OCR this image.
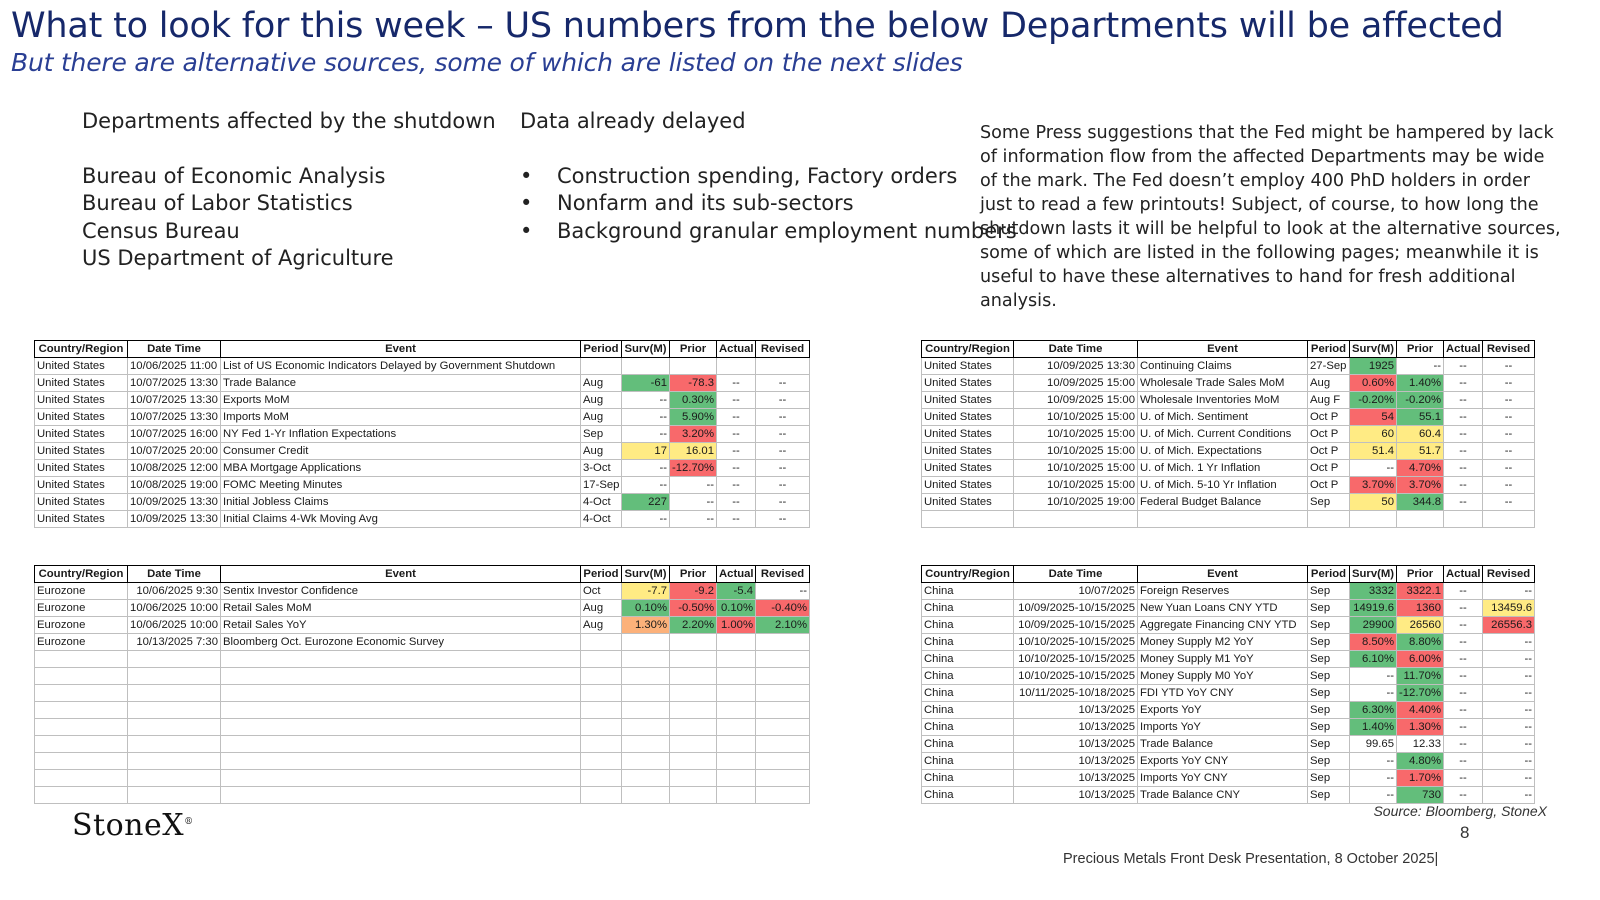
What to look for this week – US numbers from the below Departments will be affected
But there are alternative sources, some of which are listed on the next slides
Departments affected by the shutdown
Bureau of Economic Analysis
Bureau of Labor Statistics
Census Bureau
US Department of Agriculture
Data already delayed
• Construction spending, Factory orders
• Nonfarm and its sub-sectors
• Background granular employment numbers
Some Press suggestions that the Fed might be hampered by lack of information flow from the affected Departments may be wide of the mark. The Fed doesn’t employ 400 PhD holders in order just to read a few printouts! Subject, of course, to how long the shutdown lasts it will be helpful to look at the alternative sources, some of which are listed in the following pages; meanwhile it is useful to have these alternatives to hand for fresh additional analysis.
Country/Region	Date Time	Event	Period	Surv(M)	Prior	Actual	Revised
United States	10/06/2025 11:00	List of US Economic Indicators Delayed by Government Shutdown					
United States	10/07/2025 13:30	Trade Balance	Aug	-61	-78.3	--	--
United States	10/07/2025 13:30	Exports MoM	Aug	--	0.30%	--	--
United States	10/07/2025 13:30	Imports MoM	Aug	--	5.90%	--	--
United States	10/07/2025 16:00	NY Fed 1-Yr Inflation Expectations	Sep	--	3.20%	--	--
United States	10/07/2025 20:00	Consumer Credit	Aug	17	16.01	--	--
United States	10/08/2025 12:00	MBA Mortgage Applications	3-Oct	--	-12.70%	--	--
United States	10/08/2025 19:00	FOMC Meeting Minutes	17-Sep	--	--	--	--
United States	10/09/2025 13:30	Initial Jobless Claims	4-Oct	227	--	--	--
United States	10/09/2025 13:30	Initial Claims 4-Wk Moving Avg	4-Oct	--	--	--	--
Country/Region	Date Time	Event	Period	Surv(M)	Prior	Actual	Revised
United States	10/09/2025 13:30	Continuing Claims	27-Sep	1925	--	--	--
United States	10/09/2025 15:00	Wholesale Trade Sales MoM	Aug	0.60%	1.40%	--	--
United States	10/09/2025 15:00	Wholesale Inventories MoM	Aug F	-0.20%	-0.20%	--	--
United States	10/10/2025 15:00	U. of Mich. Sentiment	Oct P	54	55.1	--	--
United States	10/10/2025 15:00	U. of Mich. Current Conditions	Oct P	60	60.4	--	--
United States	10/10/2025 15:00	U. of Mich. Expectations	Oct P	51.4	51.7	--	--
United States	10/10/2025 15:00	U. of Mich. 1 Yr Inflation	Oct P	--	4.70%	--	--
United States	10/10/2025 15:00	U. of Mich. 5-10 Yr Inflation	Oct P	3.70%	3.70%	--	--
United States	10/10/2025 19:00	Federal Budget Balance	Sep	50	344.8	--	--

Country/Region	Date Time	Event	Period	Surv(M)	Prior	Actual	Revised
Eurozone	10/06/2025 9:30	Sentix Investor Confidence	Oct	-7.7	-9.2	-5.4	--
Eurozone	10/06/2025 10:00	Retail Sales MoM	Aug	0.10%	-0.50%	0.10%	-0.40%
Eurozone	10/06/2025 10:00	Retail Sales YoY	Aug	1.30%	2.20%	1.00%	2.10%
Eurozone	10/13/2025 7:30	Bloomberg Oct. Eurozone Economic Survey					

Country/Region	Date Time	Event	Period	Surv(M)	Prior	Actual	Revised
China	10/07/2025	Foreign Reserves	Sep	3332	3322.1	--	--
China	10/09/2025-10/15/2025	New Yuan Loans CNY YTD	Sep	14919.6	1360	--	13459.6
China	10/09/2025-10/15/2025	Aggregate Financing CNY YTD	Sep	29900	26560	--	26556.3
China	10/10/2025-10/15/2025	Money Supply M2 YoY	Sep	8.50%	8.80%	--	--
China	10/10/2025-10/15/2025	Money Supply M1 YoY	Sep	6.10%	6.00%	--	--
China	10/10/2025-10/15/2025	Money Supply M0 YoY	Sep	--	11.70%	--	--
China	10/11/2025-10/18/2025	FDI YTD YoY CNY	Sep	--	-12.70%	--	--
China	10/13/2025	Exports YoY	Sep	6.30%	4.40%	--	--
China	10/13/2025	Imports YoY	Sep	1.40%	1.30%	--	--
China	10/13/2025	Trade Balance	Sep	99.65	12.33	--	--
China	10/13/2025	Exports YoY CNY	Sep	--	4.80%	--	--
China	10/13/2025	Imports YoY CNY	Sep	--	1.70%	--	--
China	10/13/2025	Trade Balance CNY	Sep	--	730	--	--
StoneX®
Source: Bloomberg, StoneX
8
Precious Metals Front Desk Presentation, 8 October 2025|
